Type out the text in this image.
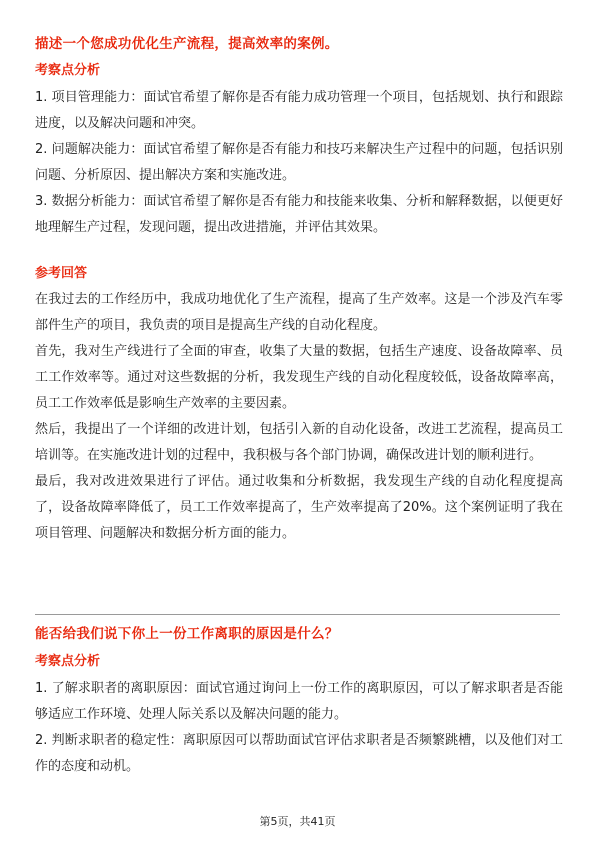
描述一个您成功优化生产流程，提高效率的案例。
考察点分析

1. 项目管理能力：面试官希望了解你是否有能力成功管理一个项目，包括规划、执行和跟踪进度，以及解决问题和冲突。

2. 问题解决能力：面试官希望了解你是否有能力和技巧来解决生产过程中的问题，包括识别问题、分析原因、提出解决方案和实施改进。

3. 数据分析能力：面试官希望了解你是否有能力和技能来收集、分析和解释数据，以便更好地理解生产过程，发现问题，提出改进措施，并评估其效果。

参考回答

在我过去的工作经历中，我成功地优化了生产流程，提高了生产效率。这是一个涉及汽车零部件生产的项目，我负责的项目是提高生产线的自动化程度。

首先，我对生产线进行了全面的审查，收集了大量的数据，包括生产速度、设备故障率、员工工作效率等。通过对这些数据的分析，我发现生产线的自动化程度较低，设备故障率高，员工工作效率低是影响生产效率的主要因素。

然后，我提出了一个详细的改进计划，包括引入新的自动化设备，改进工艺流程，提高员工培训等。在实施改进计划的过程中，我积极与各个部门协调，确保改进计划的顺利进行。

最后，我对改进效果进行了评估。通过收集和分析数据，我发现生产线的自动化程度提高了，设备故障率降低了，员工工作效率提高了，生产效率提高了20%。这个案例证明了我在项目管理、问题解决和数据分析方面的能力。

能否给我们说下你上一份工作离职的原因是什么？
考察点分析

1. 了解求职者的离职原因：面试官通过询问上一份工作的离职原因，可以了解求职者是否能够适应工作环境、处理人际关系以及解决问题的能力。

2. 判断求职者的稳定性：离职原因可以帮助面试官评估求职者是否频繁跳槽，以及他们对工作的态度和动机。

第5页，共41页
